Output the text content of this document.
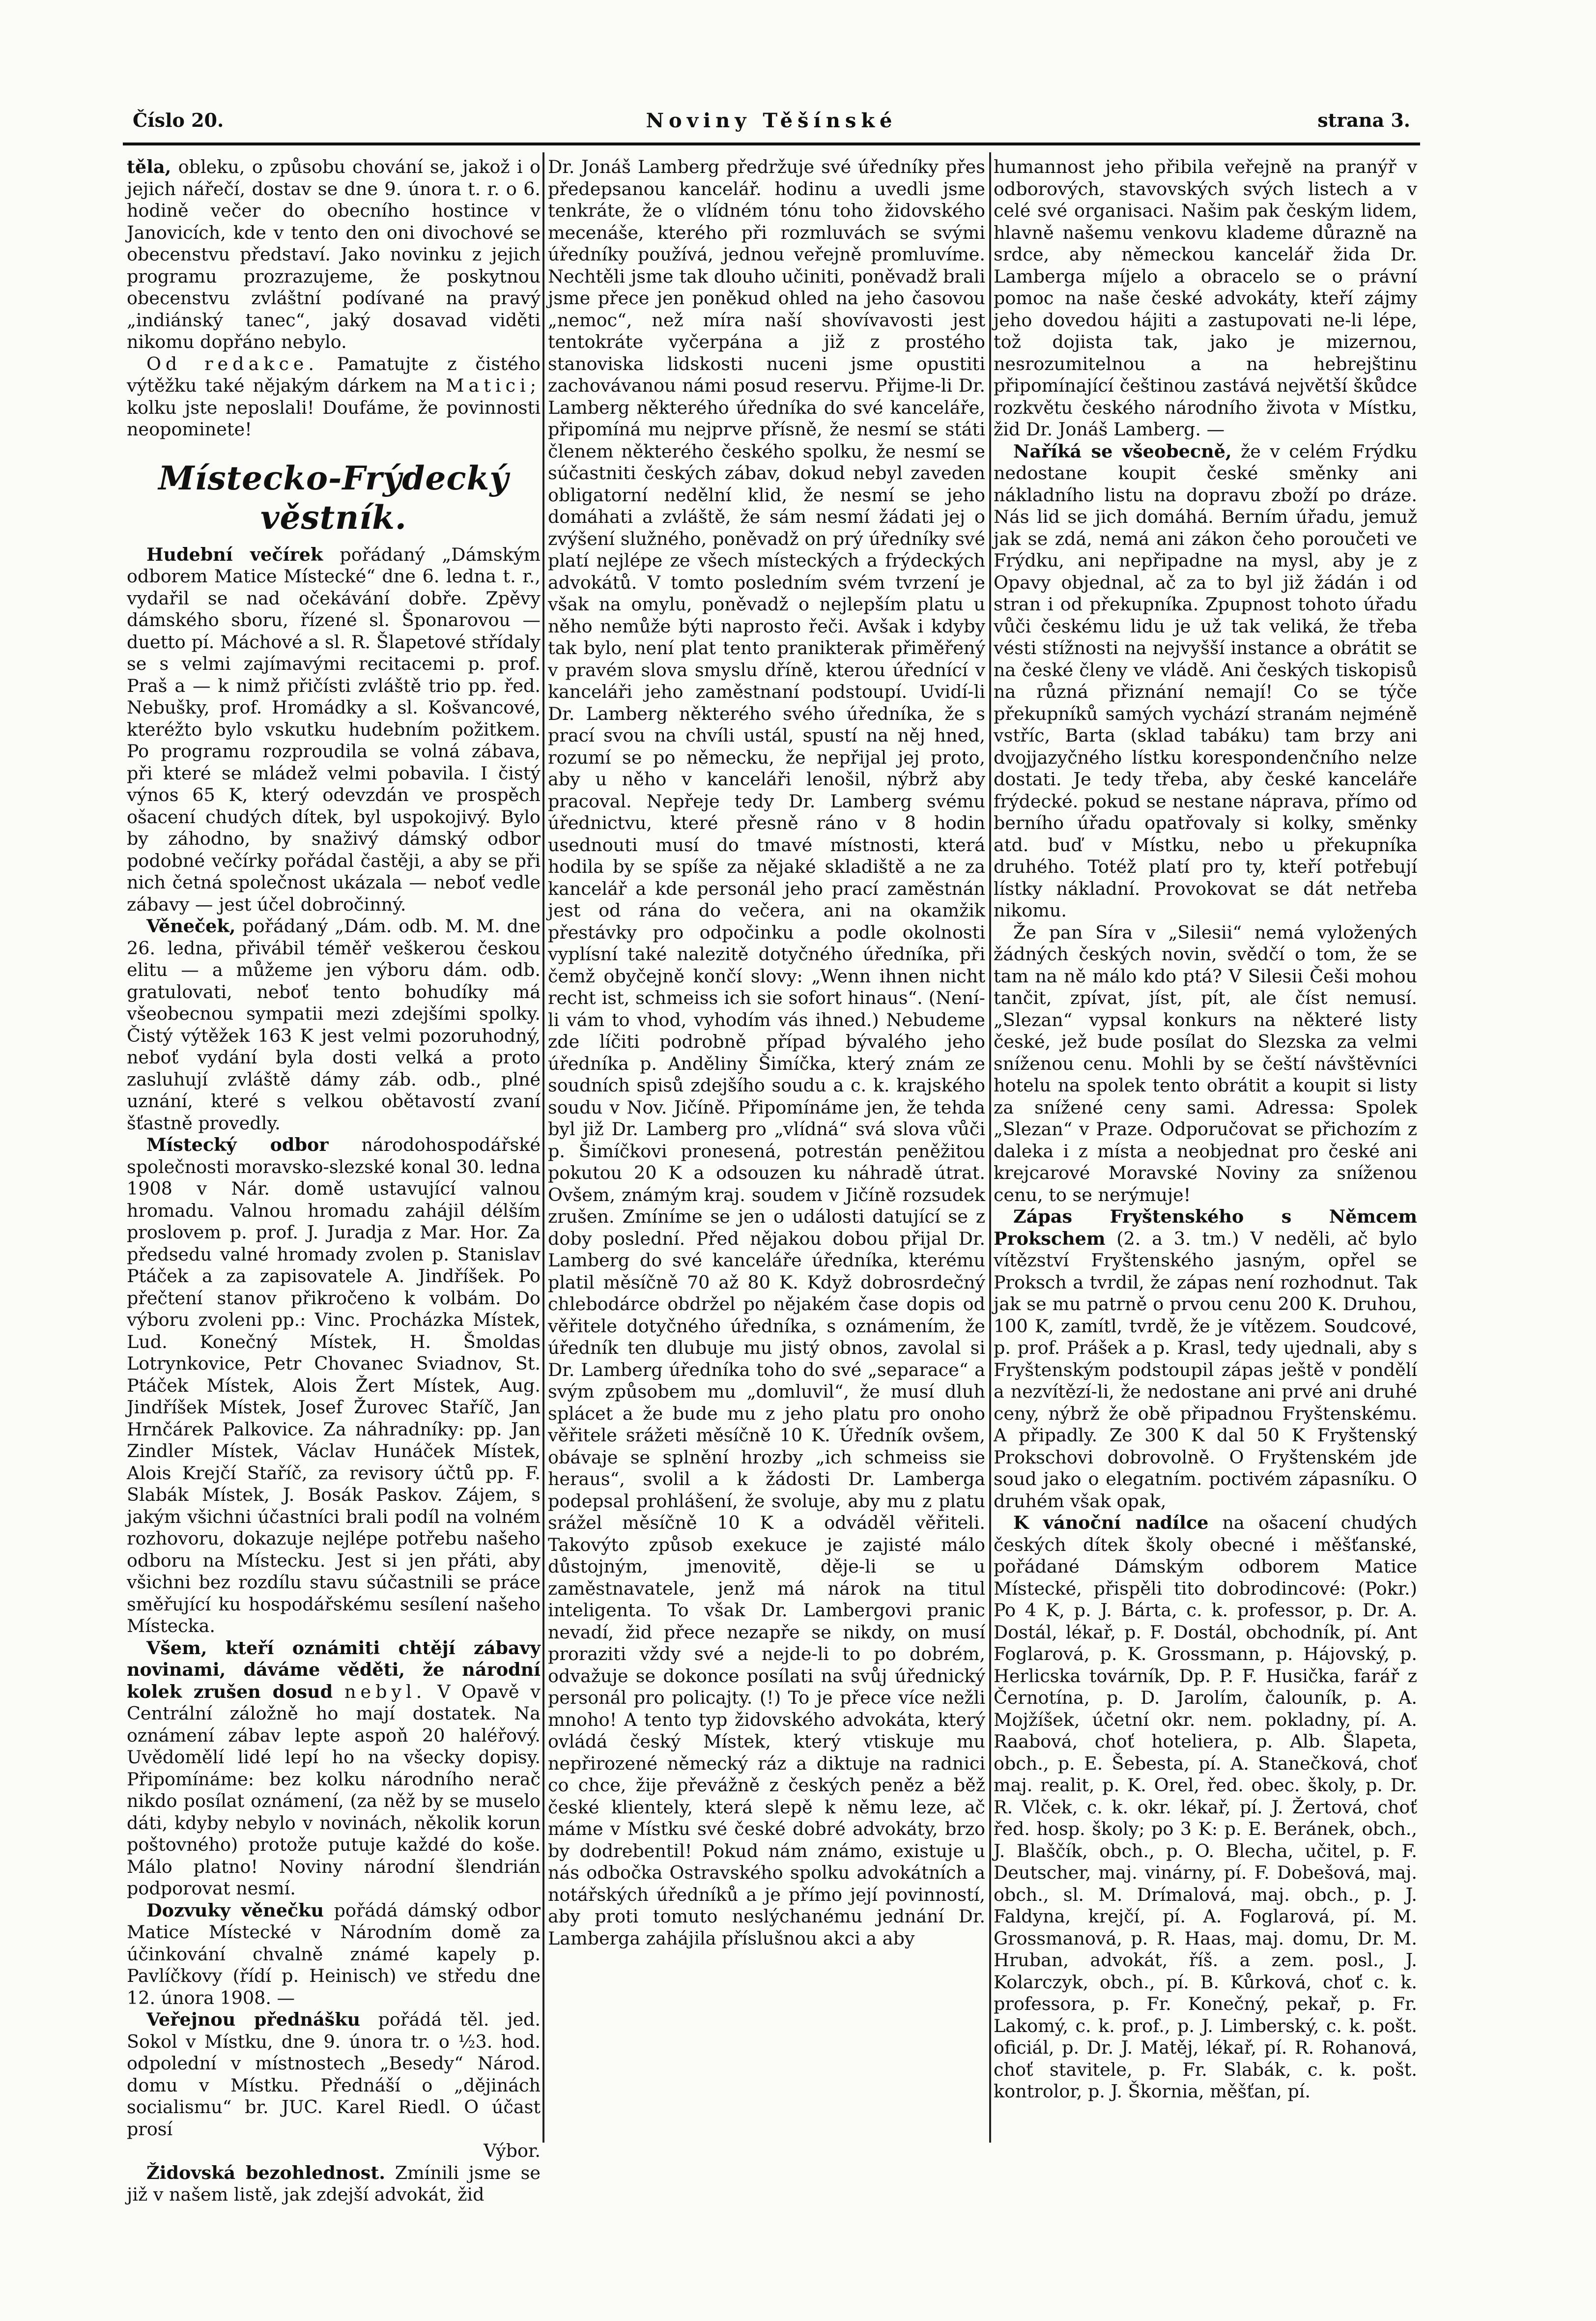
Číslo 20.	Noviny Těšínské	strana 3.

těla, obleku, o způsobu chování se, jakož i o jejich nářečí, dostav se dne 9. února t. r. o 6. hodině večer do obecního hostince v Janovicích, kde v tento den oni divochové se obecenstvu představí. Jako novinku z jejich programu prozrazujeme, že poskytnou obecenstvu zvláštní podívané na pravý „indiánský tanec“, jaký dosavad viděti nikomu dopřáno nebylo.

Od redakce. Pamatujte z čistého výtěžku také nějakým dárkem na Matici; kolku jste neposlali! Doufáme, že povinnosti neopominete!

Místecko-Frýdecký věstník.

Hudební večírek pořádaný „Dámským odborem Matice Místecké“ dne 6. ledna t. r., vydařil se nad očekávání dobře. Zpěvy dámského sboru, řízené sl. Šponarovou — duetto pí. Máchové a sl. R. Šlapetové střídaly se s velmi zajímavými recitacemi p. prof. Praš a — k nimž přičísti zvláště trio pp. řed. Nebušky, prof. Hromádky a sl. Košvancové, kteréžto bylo vskutku hudebním požitkem. Po programu rozproudila se volná zábava, při které se mládež velmi pobavila. I čistý výnos 65 K, který odevzdán ve prospěch ošacení chudých dítek, byl uspokojivý. Bylo by záhodno, by snaživý dámský odbor podobné večírky pořádal častěji, a aby se při nich četná společnost ukázala — neboť vedle zábavy — jest účel dobročinný.

Věneček, pořádaný „Dám. odb. M. M. dne 26. ledna, přivábil téměř veškerou českou elitu — a můžeme jen výboru dám. odb. gratulovati, neboť tento bohudíky má všeobecnou sympatii mezi zdejšími spolky. Čistý výtěžek 163 K jest velmi pozoruhodný, neboť vydání byla dosti velká a proto zasluhují zvláště dámy záb. odb., plné uznání, které s velkou obětavostí zvaní šťastně provedly.

Místecký odbor národohospodářské společnosti moravsko-slezské konal 30. ledna 1908 v Nár. domě ustavující valnou hromadu. Valnou hromadu zahájil délším proslovem p. prof. J. Juradja z Mar. Hor. Za předsedu valné hromady zvolen p. Stanislav Ptáček a za zapisovatele A. Jindříšek. Po přečtení stanov přikročeno k volbám. Do výboru zvoleni pp.: Vinc. Procházka Místek, Lud. Konečný Místek, H. Šmoldas Lotrynkovice, Petr Chovanec Sviadnov, St. Ptáček Místek, Alois Žert Místek, Aug. Jindříšek Místek, Josef Žurovec Staříč, Jan Hrnčárek Palkovice. Za náhradníky: pp. Jan Zindler Místek, Václav Hunáček Místek, Alois Krejčí Staříč, za revisory účtů pp. F. Slabák Místek, J. Bosák Paskov. Zájem, s jakým všichni účastníci brali podíl na volném rozhovoru, dokazuje nejlépe potřebu našeho odboru na Místecku. Jest si jen přáti, aby všichni bez rozdílu stavu súčastnili se práce směřující ku hospodářskému sesílení našeho Místecka.

Všem, kteří oznámiti chtějí zábavy novinami, dáváme věděti, že národní kolek zrušen dosud nebyl. V Opavě v Centrální záložně ho mají dostatek. Na oznámení zábav lepte aspoň 20 haléřový. Uvědomělí lidé lepí ho na všecky dopisy. Připomínáme: bez kolku národního nerač nikdo posílat oznámení, (za něž by se muselo dáti, kdyby nebylo v novinách, několik korun poštovného) protože putuje každé do koše. Málo platno! Noviny národní šlendrián podporovat nesmí.

Dozvuky věnečku pořádá dámský odbor Matice Místecké v Národním domě za účinkování chvalně známé kapely p. Pavlíčkovy (řídí p. Heinisch) ve středu dne 12. února 1908. —

Veřejnou přednášku pořádá těl. jed. Sokol v Místku, dne 9. února tr. o ½3. hod. odpolední v místnostech „Besedy“ Národ. domu v Místku. Přednáší o „dějinách socialismu“ br. JUC. Karel Riedl. O účast prosí

Výbor.

Židovská bezohlednost. Zmínili jsme se již v našem listě, jak zdejší advokát, žid

Dr. Jonáš Lamberg předržuje své úředníky přes předepsanou kancelář. hodinu a uvedli jsme tenkráte, že o vlídném tónu toho židovského mecenáše, kterého při rozmluvách se svými úředníky používá, jednou veřejně promluvíme. Nechtěli jsme tak dlouho učiniti, poněvadž brali jsme přece jen poněkud ohled na jeho časovou „nemoc“, než míra naší shovívavosti jest tentokráte vyčerpána a již z prostého stanoviska lidskosti nuceni jsme opustiti zachovávanou námi posud reservu. Přijme-li Dr. Lamberg některého úředníka do své kanceláře, připomíná mu nejprve přísně, že nesmí se státi členem některého českého spolku, že nesmí se súčastniti českých zábav, dokud nebyl zaveden obligatorní nedělní klid, že nesmí se jeho domáhati a zvláště, že sám nesmí žádati jej o zvýšení služného, poněvadž on prý úředníky své platí nejlépe ze všech místeckých a frýdeckých advokátů. V tomto posledním svém tvrzení je však na omylu, poněvadž o nejlepším platu u něho nemůže býti naprosto řeči. Avšak i kdyby tak bylo, není plat tento pranikterak přiměřený v pravém slova smyslu dříně, kterou úřednící v kanceláři jeho zaměstnaní podstoupí. Uvidí-li Dr. Lamberg některého svého úředníka, že s prací svou na chvíli ustál, spustí na něj hned, rozumí se po německu, že nepřijal jej proto, aby u něho v kanceláři lenošil, nýbrž aby pracoval. Nepřeje tedy Dr. Lamberg svému úřednictvu, které přesně ráno v 8 hodin usednouti musí do tmavé místnosti, která hodila by se spíše za nějaké skladiště a ne za kancelář a kde personál jeho prací zaměstnán jest od rána do večera, ani na okamžik přestávky pro odpočinku a podle okolnosti vyplísní také nalezitě dotyčného úředníka, při čemž obyčejně končí slovy: „Wenn ihnen nicht recht ist, schmeiss ich sie sofort hinaus“. (Není-li vám to vhod, vyhodím vás ihned.) Nebudeme zde líčiti podrobně případ bývalého jeho úředníka p. Anděliny Šimíčka, který znám ze soudních spisů zdejšího soudu a c. k. krajského soudu v Nov. Jičíně. Připomínáme jen, že tehda byl již Dr. Lamberg pro „vlídná“ svá slova vůči p. Šimíčkovi pronesená, potrestán peněžitou pokutou 20 K a odsouzen ku náhradě útrat. Ovšem, známým kraj. soudem v Jičíně rozsudek zrušen. Zmíníme se jen o události datující se z doby poslední. Před nějakou dobou přijal Dr. Lamberg do své kanceláře úředníka, kterému platil měsíčně 70 až 80 K. Když dobrosrdečný chlebodárce obdržel po nějakém čase dopis od věřitele dotyčného úředníka, s oznámením, že úředník ten dlubuje mu jistý obnos, zavolal si Dr. Lamberg úředníka toho do své „separace“ a svým způsobem mu „domluvil“, že musí dluh splácet a že bude mu z jeho platu pro onoho věřitele srážeti měsíčně 10 K. Úředník ovšem, obávaje se splnění hrozby „ich schmeiss sie heraus“, svolil a k žádosti Dr. Lamberga podepsal prohlášení, že svoluje, aby mu z platu srážel měsíčně 10 K a odváděl věřiteli. Takovýto způsob exekuce je zajisté málo důstojným, jmenovitě, děje-li se u zaměstnavatele, jenž má nárok na titul inteligenta. To však Dr. Lambergovi pranic nevadí, žid přece nezapře se nikdy, on musí proraziti vždy své a nejde-li to po dobrém, odvažuje se dokonce posílati na svůj úřednický personál pro policajty. (!) To je přece více nežli mnoho! A tento typ židovského advokáta, který ovládá český Místek, který vtiskuje mu nepřirozené německý ráz a diktuje na radnici co chce, žije převážně z českých peněz a běž české klientely, která slepě k němu leze, ač máme v Místku své české dobré advokáty, brzo by dodrebentil! Pokud nám známo, existuje u nás odbočka Ostravského spolku advokátních a notářských úředníků a je přímo její povinností, aby proti tomuto neslýchanému jednání Dr. Lamberga zahájila příslušnou akci a aby

humannost jeho přibila veřejně na pranýř v odborových, stavovských svých listech a v celé své organisaci. Našim pak českým lidem, hlavně našemu venkovu klademe důrazně na srdce, aby německou kancelář žida Dr. Lamberga míjelo a obracelo se o právní pomoc na naše české advokáty, kteří zájmy jeho dovedou hájiti a zastupovati ne-li lépe, tož dojista tak, jako je mizernou, nesrozumitelnou a na hebrejštinu připomínající češtinou zastává největší škůdce rozkvětu českého národního života v Místku, žid Dr. Jonáš Lamberg. —

Naříká se všeobecně, že v celém Frýdku nedostane koupit české směnky ani nákladního listu na dopravu zboží po dráze. Nás lid se jich domáhá. Berním úřadu, jemuž jak se zdá, nemá ani zákon čeho poroučeti ve Frýdku, ani nepřipadne na mysl, aby je z Opavy objednal, ač za to byl již žádán i od stran i od překupníka. Zpupnost tohoto úřadu vůči českému lidu je už tak veliká, že třeba vésti stížnosti na nejvyšší instance a obrátit se na české členy ve vládě. Ani českých tiskopisů na různá přiznání nemají! Co se týče překupníků samých vychází stranám nejméně vstříc, Barta (sklad tabáku) tam brzy ani dvojjazyčného lístku korespondenčního nelze dostati. Je tedy třeba, aby české kanceláře frýdecké. pokud se nestane náprava, přímo od berního úřadu opatřovaly si kolky, směnky atd. buď v Místku, nebo u překupníka druhého. Totéž platí pro ty, kteří potřebují lístky nákladní. Provokovat se dát netřeba nikomu.

Že pan Síra v „Silesii“ nemá vyložených žádných českých novin, svědčí o tom, že se tam na ně málo kdo ptá? V Silesii Češi mohou tančit, zpívat, jíst, pít, ale číst nemusí. „Slezan“ vypsal konkurs na některé listy české, jež bude posílat do Slezska za velmi sníženou cenu. Mohli by se čeští návštěvníci hotelu na spolek tento obrátit a koupit si listy za snížené ceny sami. Adressa: Spolek „Slezan“ v Praze. Odporučovat se přichozím z daleka i z místa a neobjednat pro české ani krejcarové Moravské Noviny za sníženou cenu, to se nerýmuje!

Zápas Fryštenského s Němcem Prokschem (2. a 3. tm.) V neděli, ač bylo vítězství Fryštenského jasným, opřel se Proksch a tvrdil, že zápas není rozhodnut. Tak jak se mu patrně o prvou cenu 200 K. Druhou, 100 K, zamítl, tvrdě, že je vítězem. Soudcové, p. prof. Prášek a p. Krasl, tedy ujednali, aby s Fryštenským podstoupil zápas ještě v pondělí a nezvítězí-li, že nedostane ani prvé ani druhé ceny, nýbrž že obě připadnou Fryštenskému. A připadly. Ze 300 K dal 50 K Fryštenský Prokschovi dobrovolně. O Fryštenském jde soud jako o elegatním. poctivém zápasníku. O druhém však opak,

K vánoční nadílce na ošacení chudých českých dítek školy obecné i měšťanské, pořádané Dámským odborem Matice Místecké, přispěli tito dobrodincové: (Pokr.) Po 4 K, p. J. Bárta, c. k. professor, p. Dr. A. Dostál, lékař, p. F. Dostál, obchodník, pí. Ant Foglarová, p. K. Grossmann, p. Hájovský, p. Herlicska továrník, Dp. P. F. Husička, farář z Černotína, p. D. Jarolím, čalouník, p. A. Mojžíšek, účetní okr. nem. pokladny, pí. A. Raabová, choť hoteliera, p. Alb. Šlapeta, obch., p. E. Šebesta, pí. A. Stanečková, choť maj. realit, p. K. Orel, řed. obec. školy, p. Dr. R. Vlček, c. k. okr. lékař, pí. J. Žertová, choť řed. hosp. školy; po 3 K: p. E. Beránek, obch., J. Blaščík, obch., p. O. Blecha, učitel, p. F. Deutscher, maj. vinárny, pí. F. Dobešová, maj. obch., sl. M. Drímalová, maj. obch., p. J. Faldyna, krejčí, pí. A. Foglarová, pí. M. Grossmanová, p. R. Haas, maj. domu, Dr. M. Hruban, advokát, říš. a zem. posl., J. Kolarczyk, obch., pí. B. Kůrková, choť c. k. professora, p. Fr. Konečný, pekař, p. Fr. Lakomý, c. k. prof., p. J. Limberský, c. k. pošt. oficiál, p. Dr. J. Matěj, lékař, pí. R. Rohanová, choť stavitele, p. Fr. Slabák, c. k. pošt. kontrolor, p. J. Škornia, měšťan, pí.
